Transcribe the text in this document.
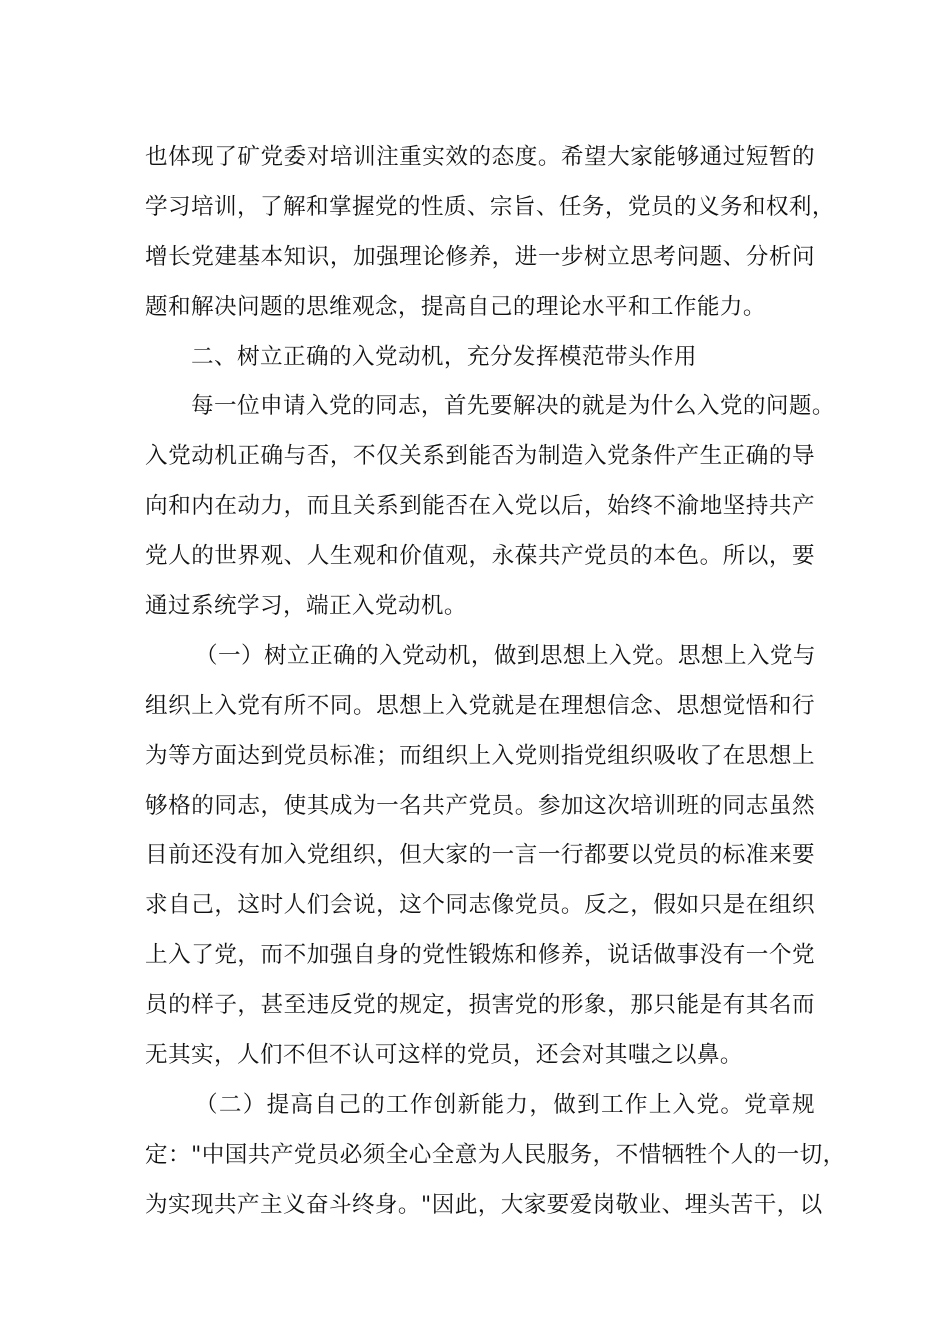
也体现了矿党委对培训注重实效的态度。希望大家能够通过短暂的
学习培训，了解和掌握党的性质、宗旨、任务，党员的义务和权利，
增长党建基本知识，加强理论修养，进一步树立思考问题、分析问
题和解决问题的思维观念，提高自己的理论水平和工作能力。
二、树立正确的入党动机，充分发挥模范带头作用
每一位申请入党的同志，首先要解决的就是为什么入党的问题。
入党动机正确与否，不仅关系到能否为制造入党条件产生正确的导
向和内在动力，而且关系到能否在入党以后，始终不渝地坚持共产
党人的世界观、人生观和价值观，永葆共产党员的本色。所以，要
通过系统学习，端正入党动机。
（一）树立正确的入党动机，做到思想上入党。思想上入党与
组织上入党有所不同。思想上入党就是在理想信念、思想觉悟和行
为等方面达到党员标准；而组织上入党则指党组织吸收了在思想上
够格的同志，使其成为一名共产党员。参加这次培训班的同志虽然
目前还没有加入党组织，但大家的一言一行都要以党员的标准来要
求自己，这时人们会说，这个同志像党员。反之，假如只是在组织
上入了党，而不加强自身的党性锻炼和修养，说话做事没有一个党
员的样子，甚至违反党的规定，损害党的形象，那只能是有其名而
无其实，人们不但不认可这样的党员，还会对其嗤之以鼻。
（二）提高自己的工作创新能力，做到工作上入党。党章规
定："中国共产党员必须全心全意为人民服务，不惜牺牲个人的一切，
为实现共产主义奋斗终身。"因此，大家要爱岗敬业、埋头苦干，以
